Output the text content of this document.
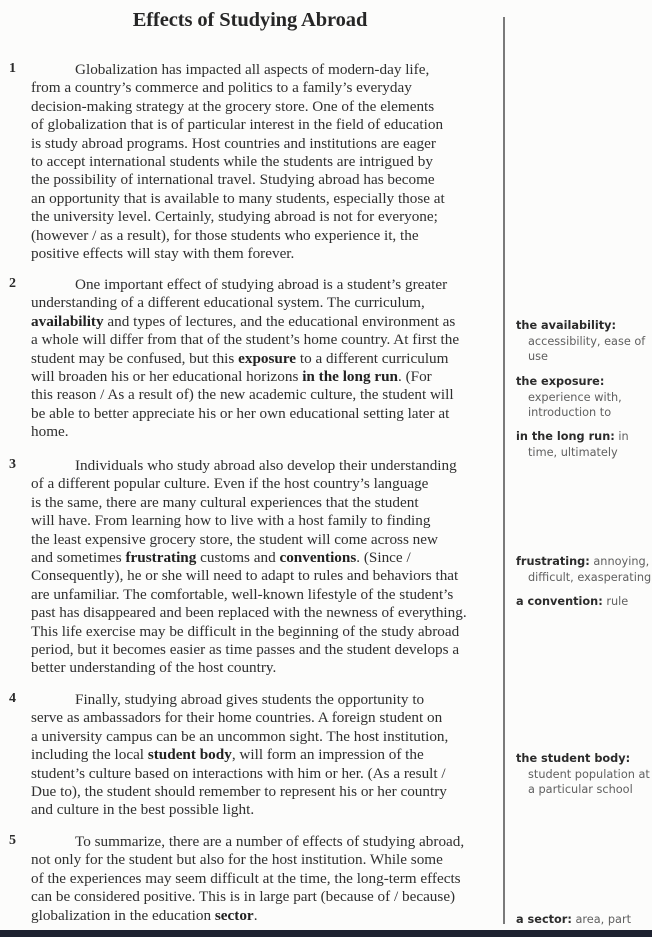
Effects of Studying Abroad
1	Globalization has impacted all aspects of modern-day life,
from a country’s commerce and politics to a family’s everyday
decision-making strategy at the grocery store. One of the elements
of globalization that is of particular interest in the field of education
is study abroad programs. Host countries and institutions are eager
to accept international students while the students are intrigued by
the possibility of international travel. Studying abroad has become
an opportunity that is available to many students, especially those at
the university level. Certainly, studying abroad is not for everyone;
(however / as a result), for those students who experience it, the
positive effects will stay with them forever.
2	One important effect of studying abroad is a student’s greater
understanding of a different educational system. The curriculum,
availability and types of lectures, and the educational environment as
a whole will differ from that of the student’s home country. At first the
student may be confused, but this exposure to a different curriculum
will broaden his or her educational horizons in the long run. (For
this reason / As a result of) the new academic culture, the student will
be able to better appreciate his or her own educational setting later at
home.
3	Individuals who study abroad also develop their understanding
of a different popular culture. Even if the host country’s language
is the same, there are many cultural experiences that the student
will have. From learning how to live with a host family to finding
the least expensive grocery store, the student will come across new
and sometimes frustrating customs and conventions. (Since /
Consequently), he or she will need to adapt to rules and behaviors that
are unfamiliar. The comfortable, well-known lifestyle of the student’s
past has disappeared and been replaced with the newness of everything.
This life exercise may be difficult in the beginning of the study abroad
period, but it becomes easier as time passes and the student develops a
better understanding of the host country.
4	Finally, studying abroad gives students the opportunity to
serve as ambassadors for their home countries. A foreign student on
a university campus can be an uncommon sight. The host institution,
including the local student body, will form an impression of the
student’s culture based on interactions with him or her. (As a result /
Due to), the student should remember to represent his or her country
and culture in the best possible light.
5	To summarize, there are a number of effects of studying abroad,
not only for the student but also for the host institution. While some
of the experiences may seem difficult at the time, the long-term effects
can be considered positive. This is in large part (because of / because)
globalization in the education sector.
the availability:
accessibility, ease of use
the exposure:
experience with, introduction to
in the long run: in time, ultimately
frustrating: annoying, difficult, exasperating
a convention: rule
the student body:
student population at a particular school
a sector: area, part
